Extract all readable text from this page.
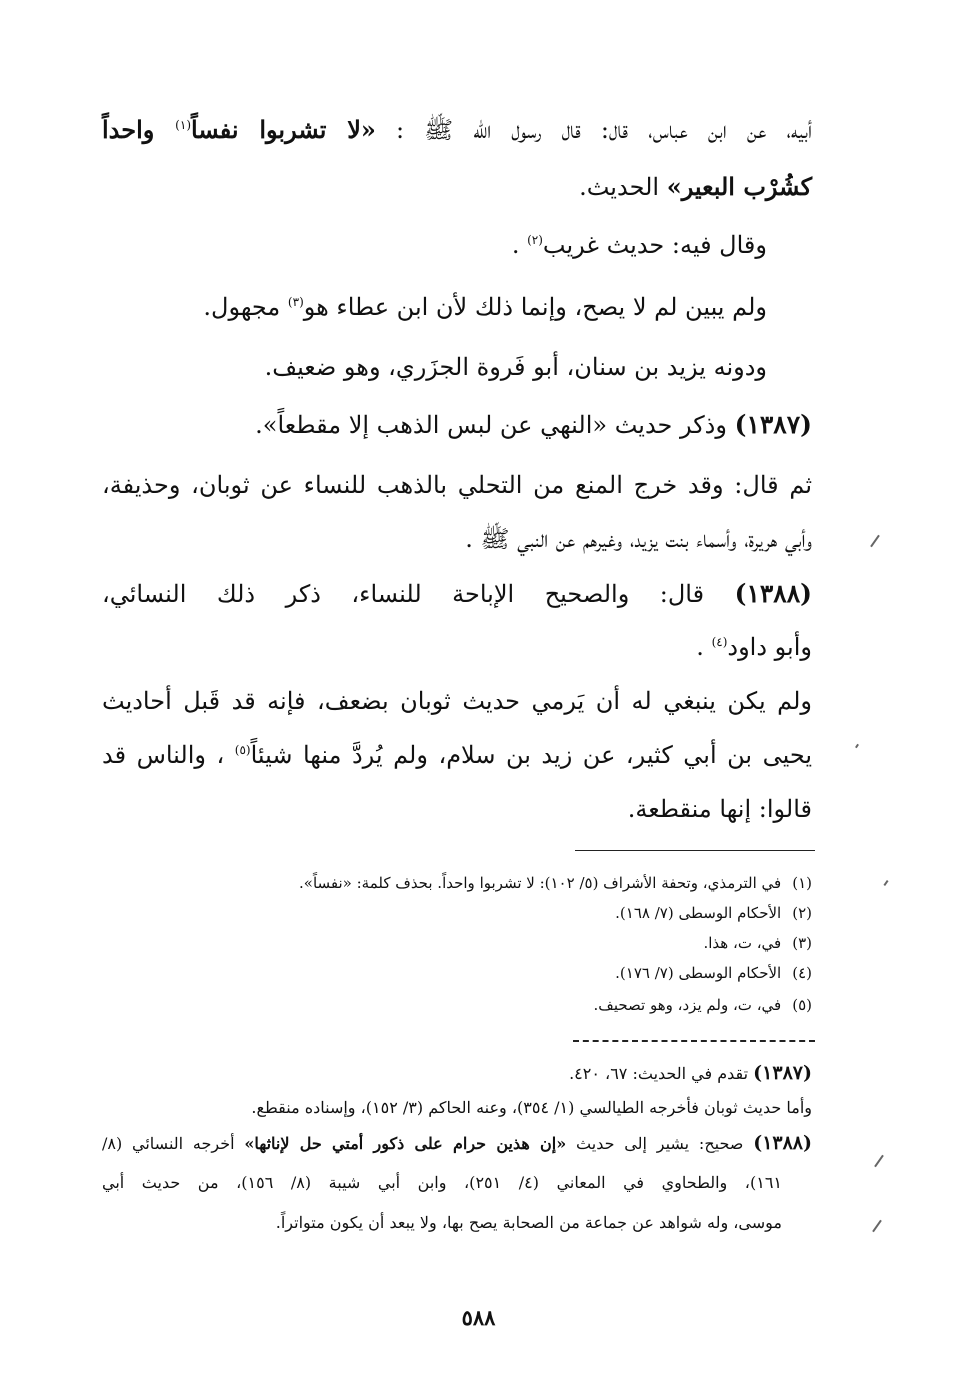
أبيه، عن ابن عباس، قال: قال رسول الله ﷺ : «لا تشربوا نفساً$^{(١)}$ واحداً
كشُرْب البعير» الحديث.
وقال فيه: حديث غريب$^{(٢)}$ .
ولم يبين لم لا يصح، وإنما ذلك لأن ابن عطاء هو$^{(٣)}$ مجهول.
ودونه يزيد بن سنان، أبو فَروة الجزَري، وهو ضعيف.
(١٣٨٧) وذكر حديث «النهي عن لبس الذهب إلا مقطعاً».
ثم قال: وقد خرج المنع من التحلي بالذهب للنساء عن ثوبان، وحذيفة،
وأبي هريرة، وأسماء بنت يزيد، وغيرهم عن النبي ﷺ .
(١٣٨٨) قال: والصحيح الإباحة للنساء، ذكر ذلك النسائي،
وأبو داود$^{(٤)}$ .
ولم يكن ينبغي له أن يَرمي حديث ثوبان بضعف، فإنه قد قَبل أحاديث
يحيى بن أبي كثير، عن زيد بن سلام، ولم يُردَّ منها شيئاً$^{(٥)}$ ، والناس قد
قالوا: إنها منقطعة.
(١) في الترمذي، وتحفة الأشراف (٥/ ١٠٢): لا تشربوا واحداً. بحذف كلمة: «نفساً».
(٢) الأحكام الوسطى (٧/ ١٦٨).
(٣) في، ت، هذا.
(٤) الأحكام الوسطى (٧/ ١٧٦).
(٥) في، ت، ولم يزد، وهو تصحيف.
(١٣٨٧) تقدم في الحديث: ٦٧، ٤٢٠.
وأما حديث ثوبان فأخرجه الطيالسي (١/ ٣٥٤)، وعنه الحاكم (٣/ ١٥٢)، وإسناده منقطع.
(١٣٨٨) صحيح: يشير إلى حديث «إن هذين حرام على ذكور أمتي حل لإناثها» أخرجه النسائي (٨/
١٦١)، والطحاوي في المعاني (٤/ ٢٥١)، وابن أبي شيبة (٨/ ١٥٦)، من حديث أبي
موسى، وله شواهد عن جماعة من الصحابة يصح بها، ولا يبعد أن يكون متواتراً.
٥٨٨
